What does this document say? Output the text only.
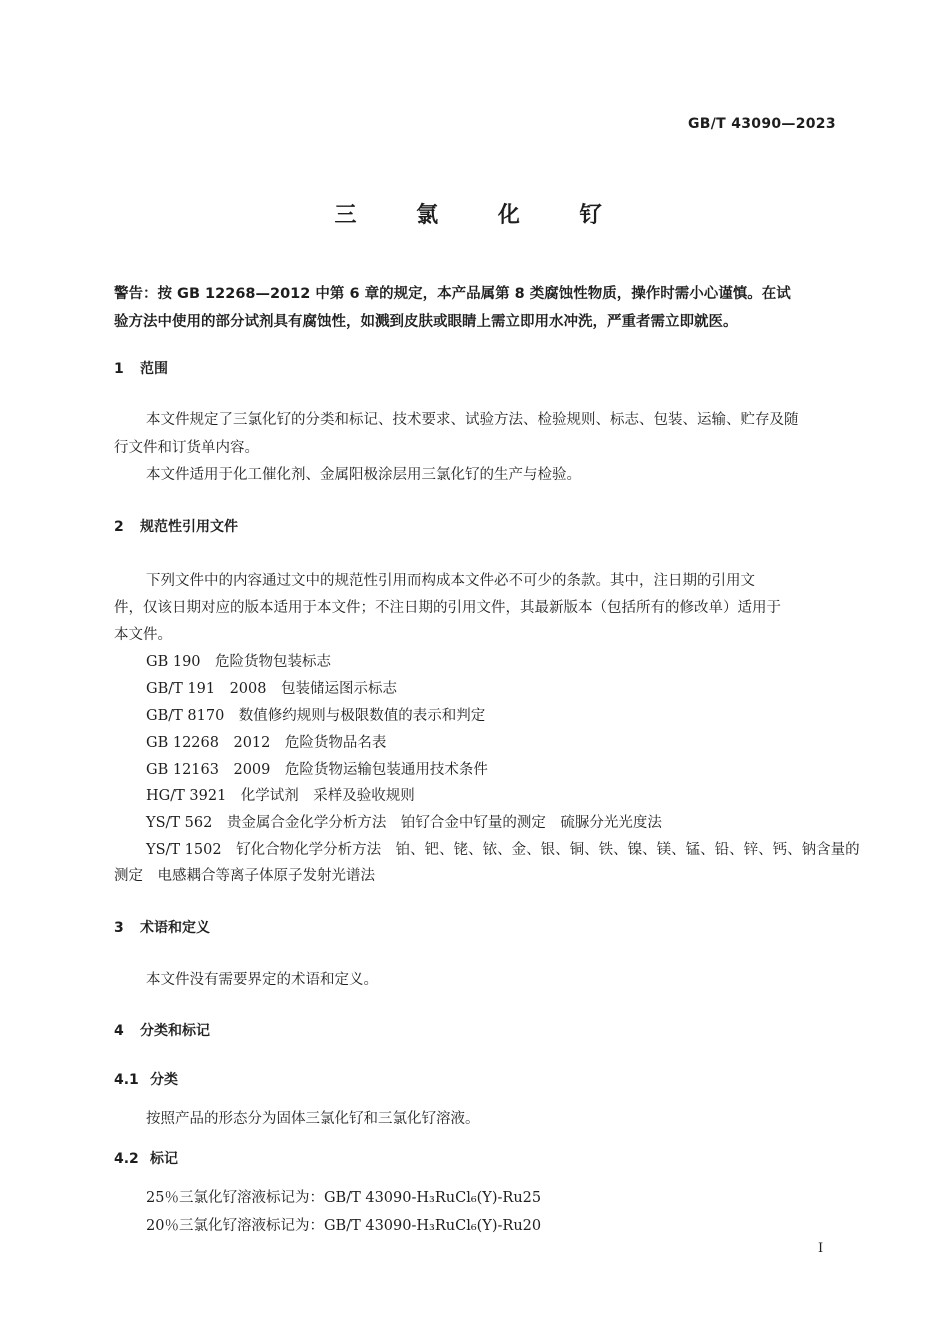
GB/T 43090—2023
三 氯 化 钌
警告：按 GB 12268—2012 中第 6 章的规定，本产品属第 8 类腐蚀性物质，操作时需小心谨慎。在试
验方法中使用的部分试剂具有腐蚀性，如溅到皮肤或眼睛上需立即用水冲洗，严重者需立即就医。
1 范围
本文件规定了三氯化钌的分类和标记、技术要求、试验方法、检验规则、标志、包装、运输、贮存及随
行文件和订货单内容。
本文件适用于化工催化剂、金属阳极涂层用三氯化钌的生产与检验。
2 规范性引用文件
下列文件中的内容通过文中的规范性引用而构成本文件必不可少的条款。其中，注日期的引用文
件，仅该日期对应的版本适用于本文件；不注日期的引用文件，其最新版本（包括所有的修改单）适用于
本文件。
GB 190　危险货物包装标志
GB/T 191　2008　包装储运图示标志
GB/T 8170　数值修约规则与极限数值的表示和判定
GB 12268　2012　危险货物品名表
GB 12163　2009　危险货物运输包装通用技术条件
HG/T 3921　化学试剂　采样及验收规则
YS/T 562　贵金属合金化学分析方法　铂钌合金中钌量的测定　硫脲分光光度法
YS/T 1502　钌化合物化学分析方法　铂、钯、铑、铱、金、银、铜、铁、镍、镁、锰、铅、锌、钙、钠含量的
测定　电感耦合等离子体原子发射光谱法
3 术语和定义
本文件没有需要界定的术语和定义。
4 分类和标记
4.1 分类
按照产品的形态分为固体三氯化钌和三氯化钌溶液。
4.2 标记
25％三氯化钌溶液标记为：GB/T 43090-H₃RuCl₆(Y)-Ru25
20％三氯化钌溶液标记为：GB/T 43090-H₃RuCl₆(Y)-Ru20
I
